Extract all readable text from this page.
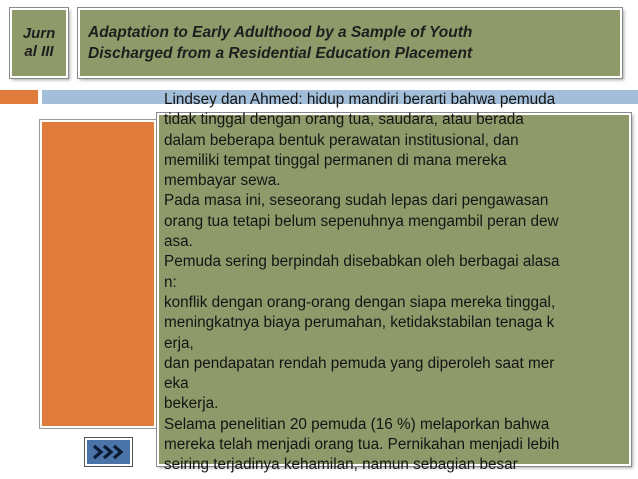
Jurnal III
Adaptation to Early Adulthood by a Sample of Youth
Discharged from a Residential Education Placement
Lindsey dan Ahmed: hidup mandiri berarti bahwa pemuda
tidak tinggal dengan orang tua, saudara, atau berada
dalam beberapa bentuk perawatan institusional, dan
memiliki tempat tinggal permanen di mana mereka
membayar sewa.
Pada masa ini, seseorang sudah lepas dari pengawasan
orang tua tetapi belum sepenuhnya mengambil peran dew
asa.
Pemuda sering berpindah disebabkan oleh berbagai alasa
n:
konflik dengan orang-orang dengan siapa mereka tinggal,
meningkatnya biaya perumahan, ketidakstabilan tenaga k
erja,
dan pendapatan rendah pemuda yang diperoleh saat mer
eka
bekerja.
Selama penelitian 20 pemuda (16 %) melaporkan bahwa
mereka telah menjadi orang tua. Pernikahan menjadi lebih
seiring terjadinya kehamilan, namun sebagian besar
